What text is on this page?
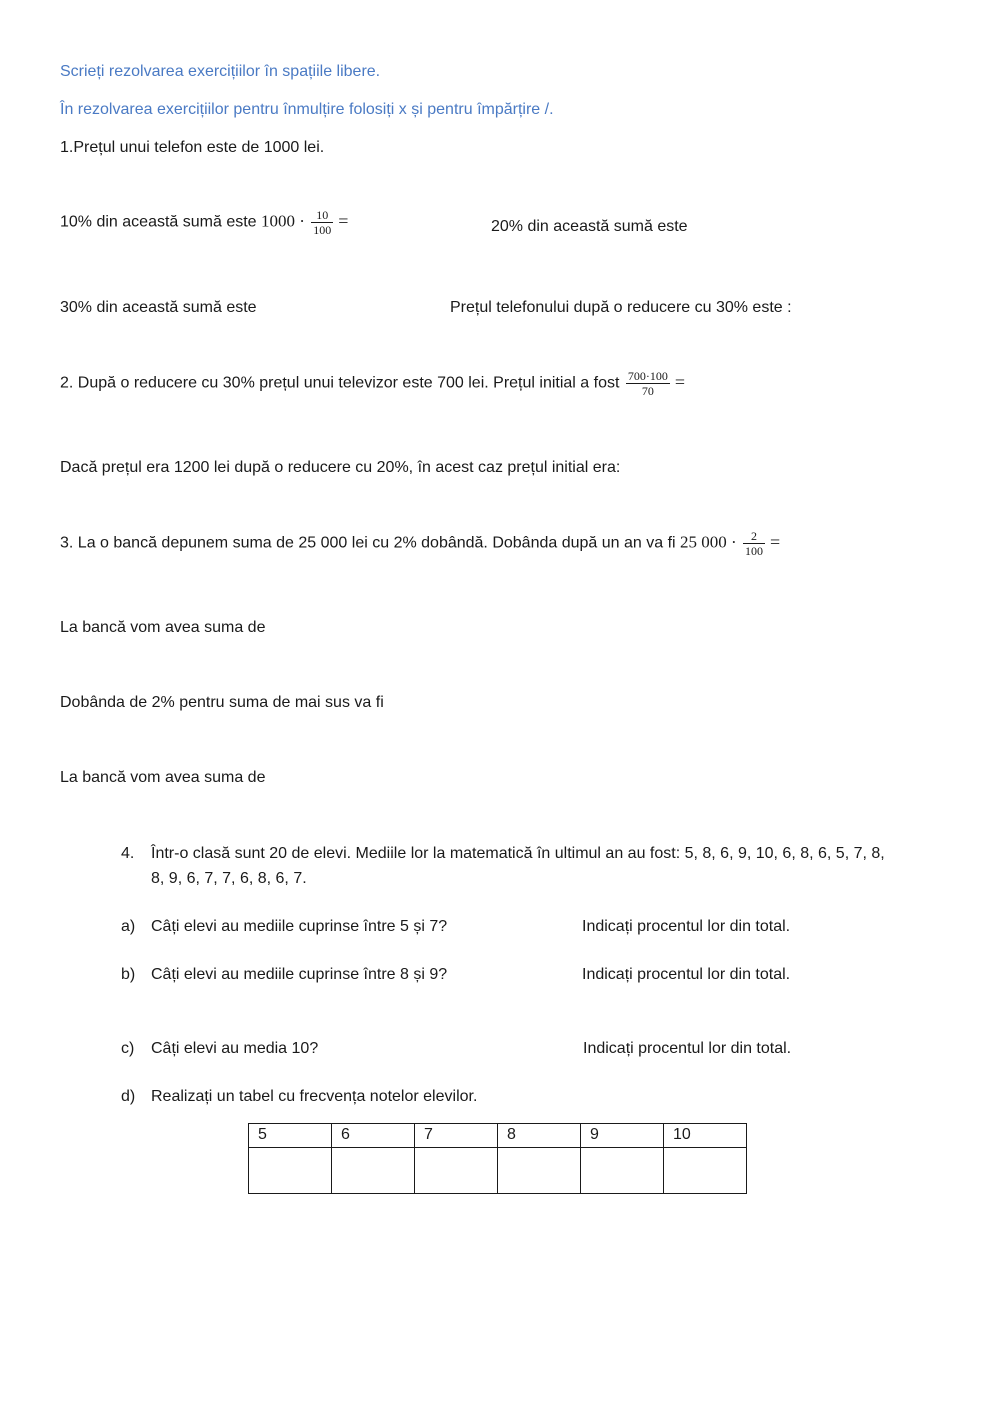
Scrieți rezolvarea exercițiilor în spațiile libere.
În rezolvarea exercițiilor pentru înmulțire folosiți x și pentru împărțire /.
1.Prețul unui telefon este de 1000 lei.
10% din această sumă este $1000 \cdot \frac{10}{100}$ =	20% din această sumă este
30% din această sumă este	Prețul telefonului după o reducere cu 30% este :
2. După o reducere cu 30% prețul unui televizor este 700 lei. Prețul initial a fost $\frac{700\cdot 100}{70}$ =
Dacă prețul era 1200 lei după o reducere cu 20%, în acest caz prețul initial era:
3. La o bancă depunem suma de 25 000 lei cu 2% dobândă. Dobânda după un an va fi 25 $000 \cdot \frac{2}{100}$ =
La bancă vom avea suma de
Dobânda de 2% pentru suma de mai sus va fi
La bancă vom avea suma de
4. Într-o clasă sunt 20 de elevi. Mediile lor la matematică în ultimul an au fost: 5, 8, 6, 9, 10, 6, 8, 6, 5, 7, 8,
8, 9, 6, 7, 7, 6, 8, 6, 7.
a) Câți elevi au mediile cuprinse între 5 și 7?	Indicați procentul lor din total.
b) Câți elevi au mediile cuprinse între 8 și 9?	Indicați procentul lor din total.
c) Câți elevi au media 10?	Indicați procentul lor din total.
d) Realizați un tabel cu frecvența notelor elevilor.
5	6	7	8	9	10
